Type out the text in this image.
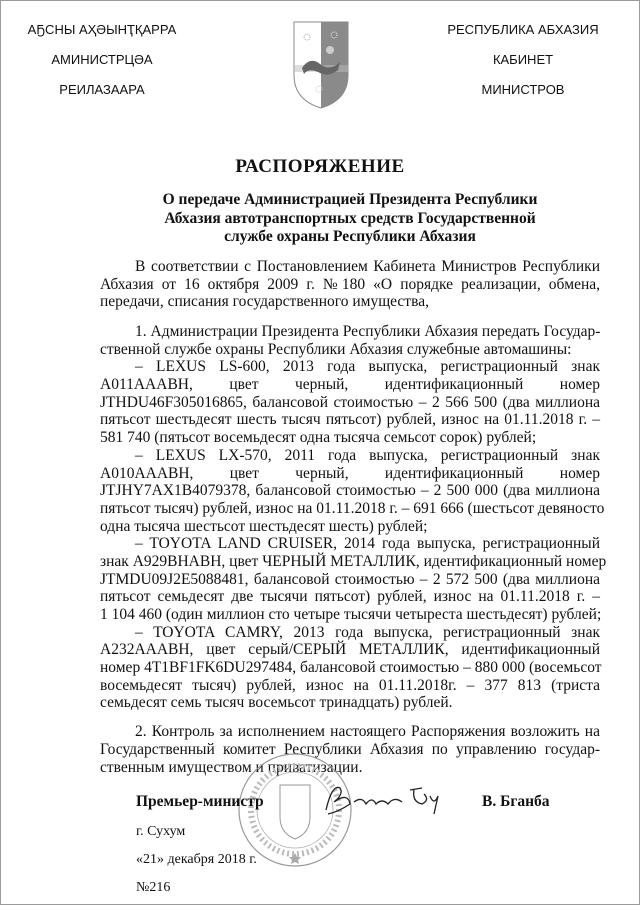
АҔСНЫ АҲӘЫНҬҚАРРА
АМИНИСТРЦӘА
РЕИЛАЗААРА
РЕСПУБЛИКА АБХАЗИЯ
КАБИНЕТ
МИНИСТРОВ
РАСПОРЯЖЕНИЕ
О передаче Администрацией Президента Республики
Абхазия автотранспортных средств Государственной
службе охраны Республики Абхазия
В соответствии с Постановлением Кабинета Министров Республики
Абхазия от 16 октября 2009 г. №180 «О порядке реализации, обмена,
передачи, списания государственного имущества,
1. Администрации Президента Республики Абхазия передать Государ-
ственной службе охраны Республики Абхазия служебные автомашины:
– LEXUS LS-600, 2013 года выпуска, регистрационный знак
A011AAABH, цвет черный, идентификационный номер
JTHDU46F305016865, балансовой стоимостью – 2 566 500 (два миллиона
пятьсот шестьдесят шесть тысяч пятьсот) рублей, износ на 01.11.2018 г. –
581 740 (пятьсот восемьдесят одна тысяча семьсот сорок) рублей;
– LEXUS LX-570, 2011 года выпуска, регистрационный знак
A010AAABH, цвет черный, идентификационный номер
JTJHY7AX1B4079378, балансовой стоимостью – 2 500 000 (два миллиона
пятьсот тысяч) рублей, износ на 01.11.2018 г. – 691 666 (шестьсот девяносто
одна тысяча шестьсот шестьдесят шесть) рублей;
– TOYOTA LAND CRUISER, 2014 года выпуска, регистрационный
знак A929BHABH, цвет ЧЕРНЫЙ МЕТАЛЛИК, идентификационный номер
JTMDU09J2E5088481, балансовой стоимостью – 2 572 500 (два миллиона
пятьсот семьдесят две тысячи пятьсот) рублей, износ на 01.11.2018 г. –
1 104 460 (один миллион сто четыре тысячи четыреста шестьдесят) рублей;
– TOYOTA CAMRY, 2013 года выпуска, регистрационный знак
A232AAABH, цвет серый/СЕРЫЙ МЕТАЛЛИК, идентификационный
номер 4T1BF1FK6DU297484, балансовой стоимостью – 880 000 (восемьсот
восемьдесят тысяч) рублей, износ на 01.11.2018г. – 377 813 (триста
семьдесят семь тысяч восемьсот тринадцать) рублей.
2. Контроль за исполнением настоящего Распоряжения возложить на
Государственный комитет Республики Абхазия по управлению государ-
ственным имуществом и приватизации.
Премьер-министр	В. Бганба
г. Сухум
«21» декабря 2018 г.
№216
